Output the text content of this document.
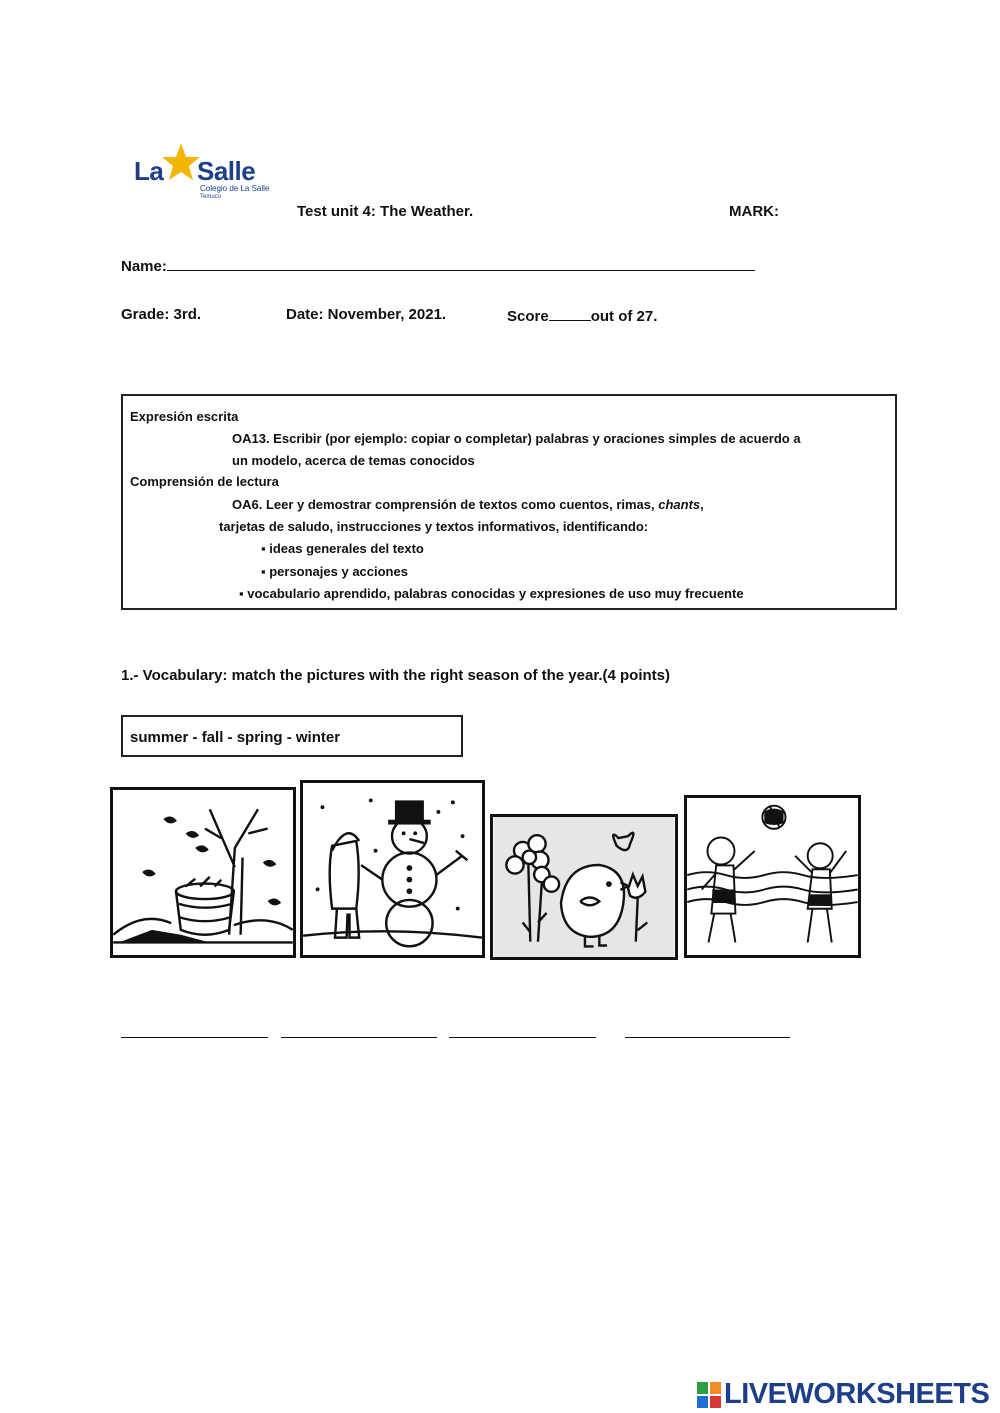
La Salle
Colegio de La Salle
Temuco
Test unit 4: The Weather.	MARK:
Name:
Grade: 3rd.	Date: November, 2021.	Score	out of 27.
Expresión escrita
OA13. Escribir (por ejemplo: copiar o completar) palabras y oraciones simples de acuerdo a
un modelo, acerca de temas conocidos
Comprensión de lectura
OA6. Leer y demostrar comprensión de textos como cuentos, rimas, chants,
tarjetas de saludo, instrucciones y textos informativos, identificando:
▪ ideas generales del texto
▪ personajes y acciones
▪ vocabulario aprendido, palabras conocidas y expresiones de uso muy frecuente
1.- Vocabulary: match the pictures with the right season of the year.(4 points)
summer - fall - spring - winter
LIVEWORKSHEETS
